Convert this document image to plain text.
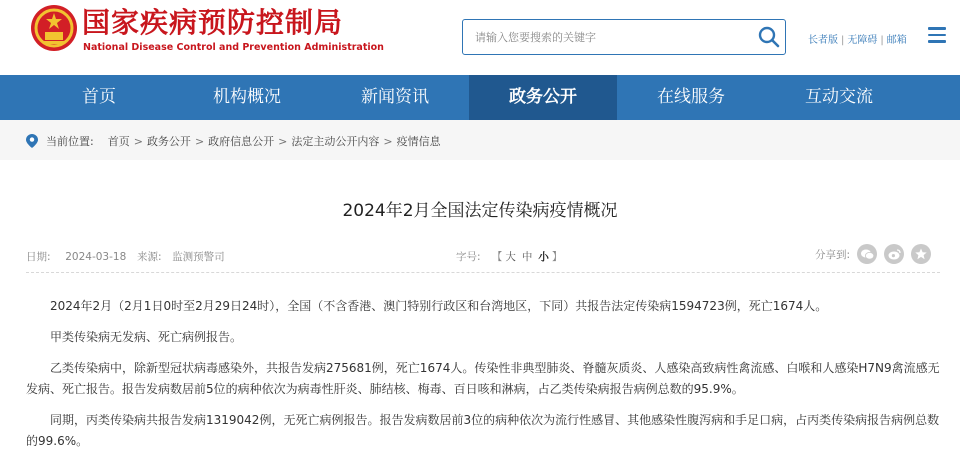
国家疾病预防控制局
National Disease Control and Prevention Administration
请输入您要搜索的关键字
长者版 | 无障碍 | 邮箱
首页	机构概况	新闻资讯	政务公开	在线服务	互动交流
当前位置: 首页 > 政务公开 > 政府信息公开 > 法定主动公开内容 > 疫情信息
2024年2月全国法定传染病疫情概况
日期: 2024-03-18 来源: 监测预警司	字号: 【 大 中 小 】	分享到:

2024年2月（2月1日0时至2月29日24时），全国（不含香港、澳门特别行政区和台湾地区，下同）共报告法定传染病1594723例，死亡1674人。

甲类传染病无发病、死亡病例报告。

乙类传染病中，除新型冠状病毒感染外，共报告发病275681例，死亡1674人。传染性非典型肺炎、脊髓灰质炎、人感染高致病性禽流感、白喉和人感染H7N9禽流感无发病、死亡报告。报告发病数居前5位的病种依次为病毒性肝炎、肺结核、梅毒、百日咳和淋病，占乙类传染病报告病例总数的95.9%。

同期，丙类传染病共报告发病1319042例，无死亡病例报告。报告发病数居前3位的病种依次为流行性感冒、其他感染性腹泻病和手足口病，占丙类传染病报告病例总数的99.6%。
